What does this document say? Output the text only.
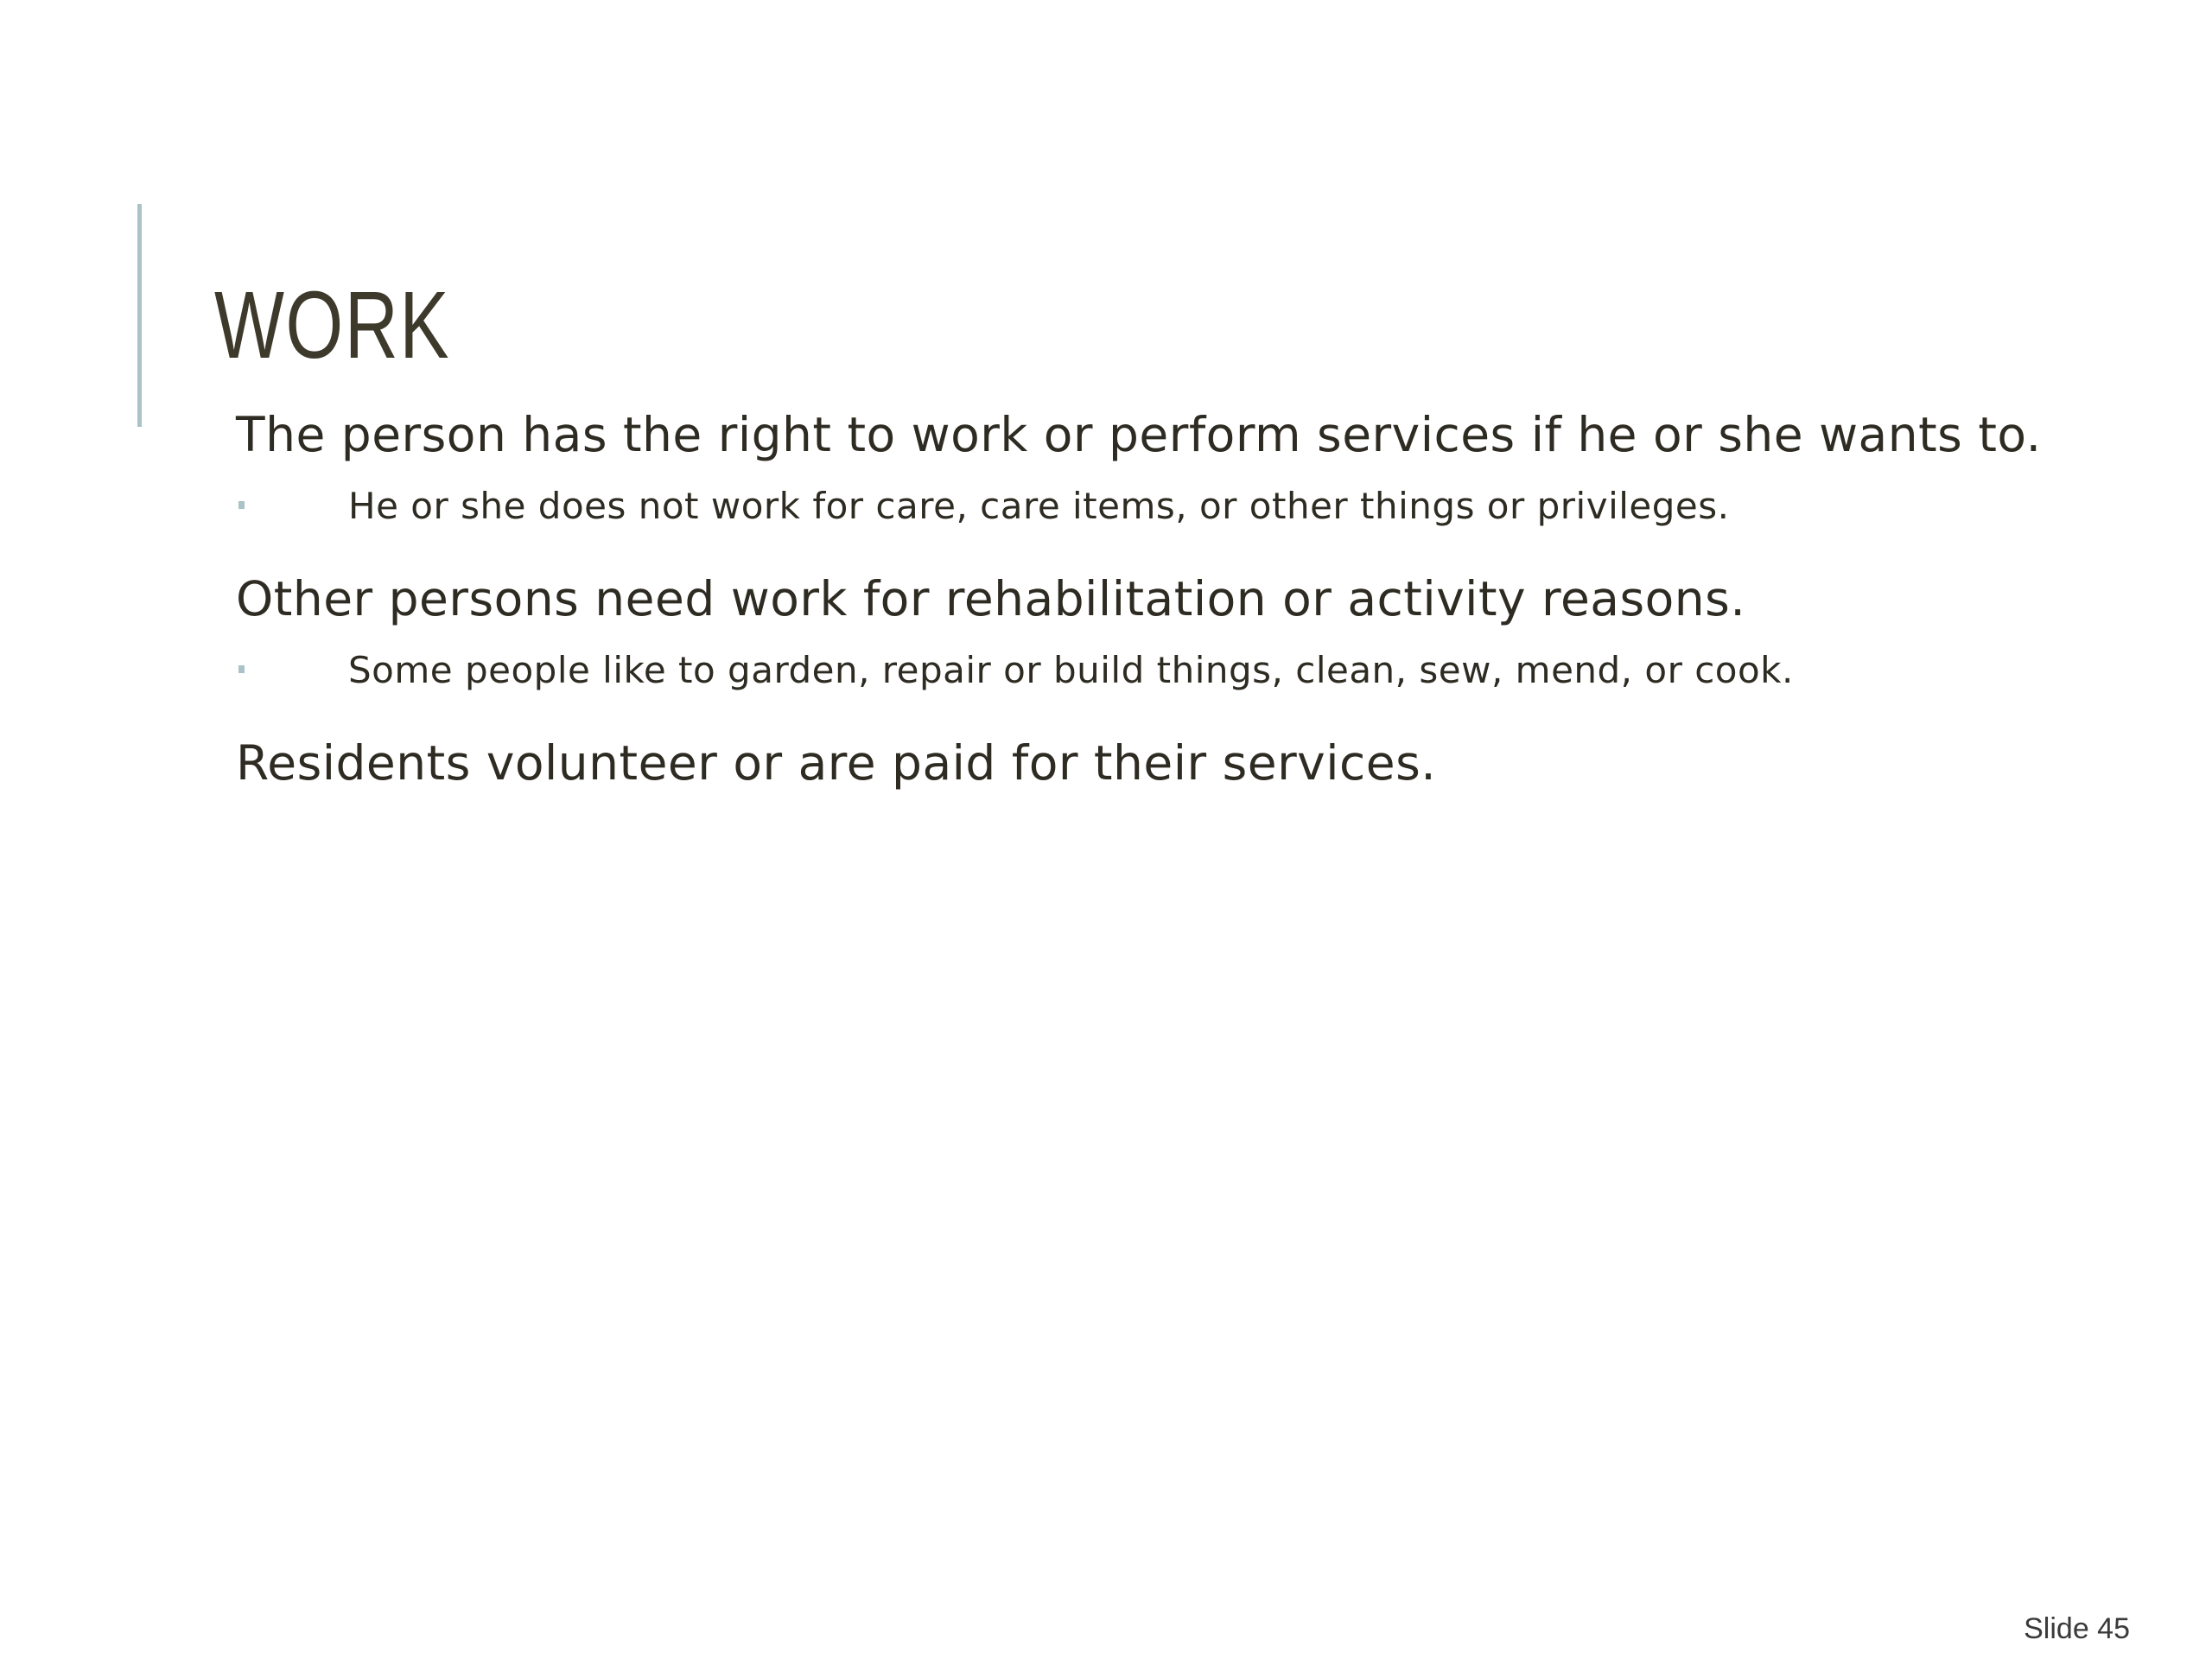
WORK

The person has the right to work or perform services if he or she wants to.

He or she does not work for care, care items, or other things or privileges.

Other persons need work for rehabilitation or activity reasons.

Some people like to garden, repair or build things, clean, sew, mend, or cook.

Residents volunteer or are paid for their services.

Slide 45
